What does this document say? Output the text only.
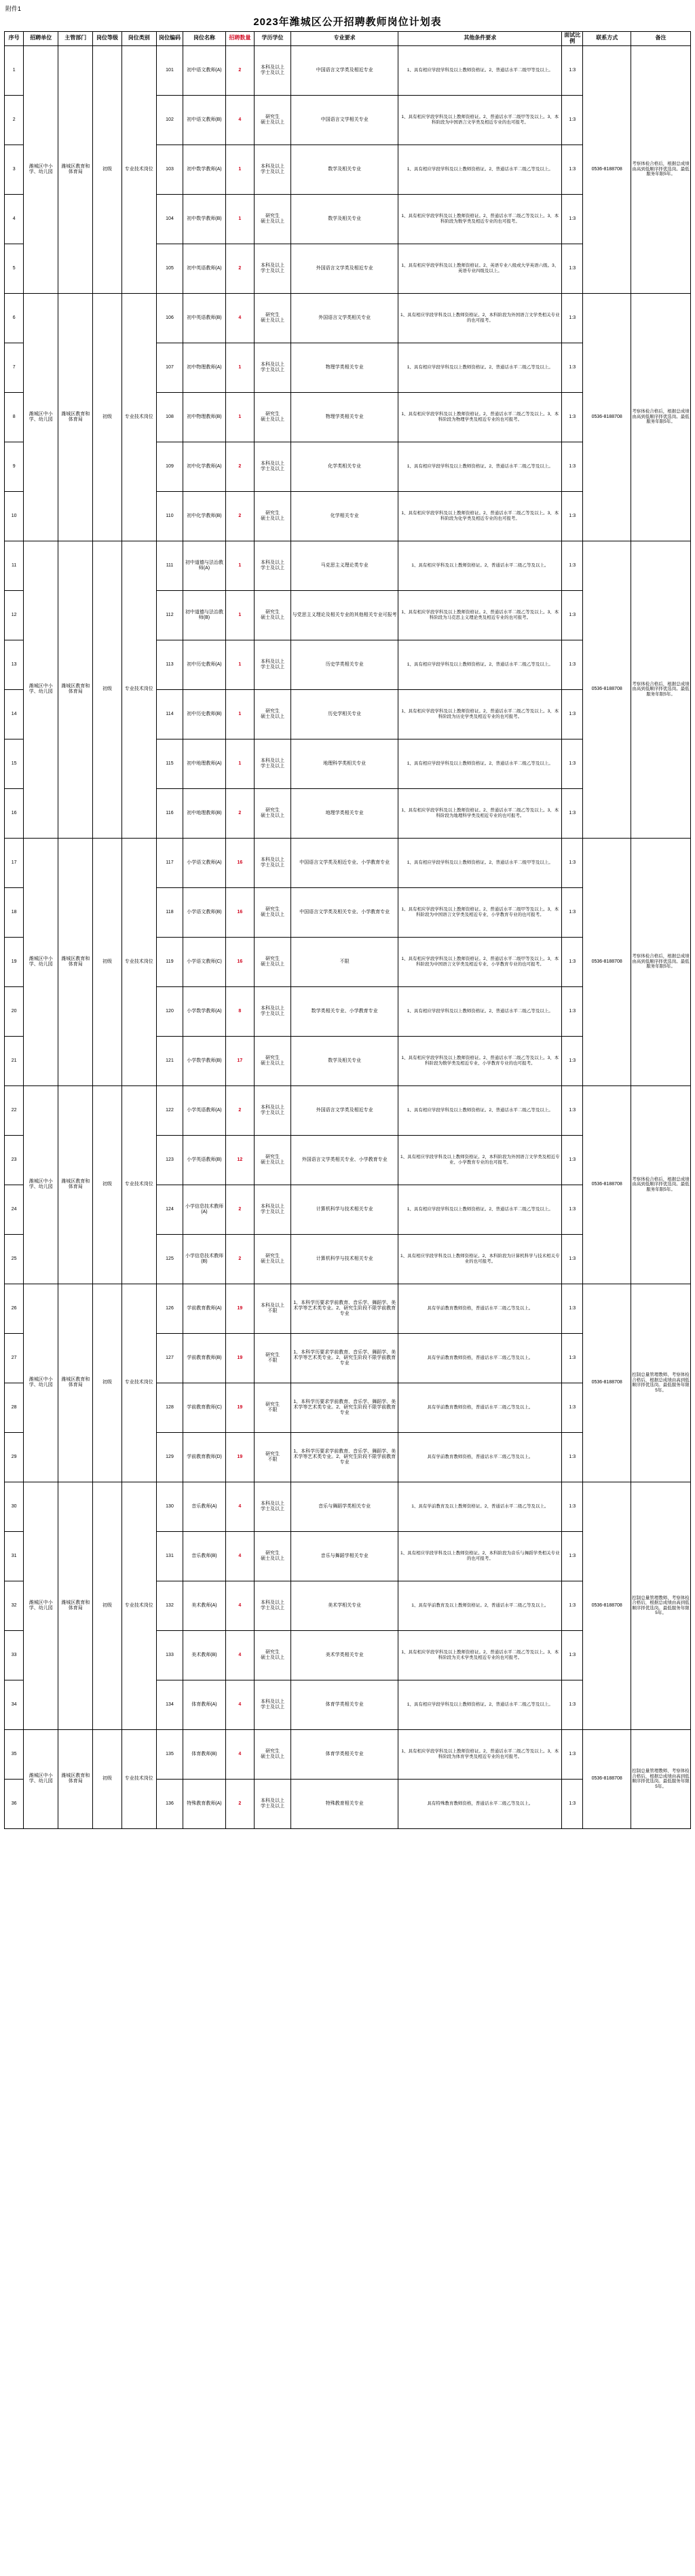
附件1
2023年潍城区公开招聘教师岗位计划表
序号	招聘单位	主管部门	岗位等级	岗位类别	岗位编码	岗位名称	招聘数量	学历学位	专业要求	其他条件要求	面试比例	联系方式	备注
1	潍城区中小学、幼儿园	潍城区教育和体育局	初级	专业技术岗位	101	初中语文教师(A)	2	本科及以上
学士及以上	中国语言文学类及相近专业	1、具有相应学段学科及以上教师资格证。2、普通话水平二级甲等及以上。	1:3	0536-8188708	考察体检合格后，根据总成绩由高到低顺序择优选岗。最低服务年限5年。
2					102	初中语文教师(B)	4	研究生
硕士及以上	中国语言文学相关专业	1、具有相应学段学科及以上教师资格证。2、普通话水平二级甲等及以上。3、本科阶段为中国语言文学类及相近专业的也可报考。	1:3		
3					103	初中数学教师(A)	1	本科及以上
学士及以上	数学及相关专业	1、具有相应学段学科及以上教师资格证。2、普通话水平二级乙等及以上。	1:3		
4					104	初中数学教师(B)	1	研究生
硕士及以上	数学及相关专业	1、具有相应学段学科及以上教师资格证。2、普通话水平二级乙等及以上。3、本科阶段为数学类及相近专业的也可报考。	1:3		
5					105	初中英语教师(A)	2	本科及以上
学士及以上	外国语言文学类及相近专业	1、具有相应学段学科及以上教师资格证。2、英语专业八级或大学英语六级。3、英语专业四级及以上。	1:3		
6	潍城区中小学、幼儿园	潍城区教育和体育局	初级	专业技术岗位	106	初中英语教师(B)	4	研究生
硕士及以上	外国语言文学类相关专业	1、具有相应学段学科及以上教师资格证。2、本科阶段为外国语言文学类相关专业的也可报考。	1:3	0536-8188708	考察体检合格后，根据总成绩由高到低顺序择优选岗。最低服务年限5年。
7					107	初中物理教师(A)	1	本科及以上
学士及以上	物理学类相关专业	1、具有相应学段学科及以上教师资格证。2、普通话水平二级乙等及以上。	1:3		
8					108	初中物理教师(B)	1	研究生
硕士及以上	物理学类相关专业	1、具有相应学段学科及以上教师资格证。2、普通话水平二级乙等及以上。3、本科阶段为物理学类及相近专业的也可报考。	1:3		
9					109	初中化学教师(A)	2	本科及以上
学士及以上	化学类相关专业	1、具有相应学段学科及以上教师资格证。2、普通话水平二级乙等及以上。	1:3		
10					110	初中化学教师(B)	2	研究生
硕士及以上	化学相关专业	1、具有相应学段学科及以上教师资格证。2、普通话水平二级乙等及以上。3、本科阶段为化学类及相近专业的也可报考。	1:3		
11	潍城区中小学、幼儿园	潍城区教育和体育局	初级	专业技术岗位	111	初中道德与法治教师(A)	1	本科及以上
学士及以上	马克思主义理论类专业	1、具有相应学科及以上教师资格证。2、普通话水平二级乙等及以上。	1:3	0536-8188708	考察体检合格后，根据总成绩由高到低顺序择优选岗。最低服务年限5年。
12					112	初中道德与法治教师(B)	1	研究生
硕士及以上	与党思主义理论及相关专业的其他相关专业可报考	1、具有相应学段学科及以上教师资格证。2、普通话水平二级乙等及以上。3、本科阶段为马克思主义理论类及相近专业的也可报考。	1:3		
13					113	初中历史教师(A)	1	本科及以上
学士及以上	历史学类相关专业	1、具有相应学段学科及以上教师资格证。2、普通话水平二级乙等及以上。	1:3		
14					114	初中历史教师(B)	1	研究生
硕士及以上	历史学相关专业	1、具有相应学段学科及以上教师资格证。2、普通话水平二级乙等及以上。3、本科阶段为历史学类及相近专业的也可报考。	1:3		
15					115	初中地理教师(A)	1	本科及以上
学士及以上	地理科学类相关专业	1、具有相应学段学科及以上教师资格证。2、普通话水平二级乙等及以上。	1:3		
16					116	初中地理教师(B)	2	研究生
硕士及以上	地理学类相关专业	1、具有相应学段学科及以上教师资格证。2、普通话水平二级乙等及以上。3、本科阶段为地理科学类及相近专业的也可报考。	1:3		
17	潍城区中小学、幼儿园	潍城区教育和体育局	初级	专业技术岗位	117	小学语文教师(A)	16	本科及以上
学士及以上	中国语言文学类及相近专业、小学教育专业	1、具有相应学段学科及以上教师资格证。2、普通话水平二级甲等及以上。	1:3	0536-8188708	考察体检合格后，根据总成绩由高到低顺序择优选岗。最低服务年限5年。
18					118	小学语文教师(B)	16	研究生
硕士及以上	中国语言文学类及相关专业、小学教育专业	1、具有相应学段学科及以上教师资格证。2、普通话水平二级甲等及以上。3、本科阶段为中国语言文学类及相近专业、小学教育专业的也可报考。	1:3		
19					119	小学语文教师(C)	16	研究生
硕士及以上	不限	1、具有相应学段学科及以上教师资格证。2、普通话水平二级甲等及以上。3、本科阶段为中国语言文学类及相近专业、小学教育专业的也可报考。	1:3		
20					120	小学数学教师(A)	8	本科及以上
学士及以上	数学类相关专业、小学教育专业	1、具有相应学段学科及以上教师资格证。2、普通话水平二级乙等及以上。	1:3		
21					121	小学数学教师(B)	17	研究生
硕士及以上	数学及相关专业	1、具有相应学段学科及以上教师资格证。2、普通话水平二级乙等及以上。3、本科阶段为数学类及相近专业、小学教育专业的也可报考。	1:3		
22	潍城区中小学、幼儿园	潍城区教育和体育局	初级	专业技术岗位	122	小学英语教师(A)	2	本科及以上
学士及以上	外国语言文学类及相近专业	1、具有相应学段学科及以上教师资格证。2、普通话水平二级乙等及以上。	1:3	0536-8188708	考察体检合格后，根据总成绩由高到低顺序择优选岗。最低服务年限5年。
23					123	小学英语教师(B)	12	研究生
硕士及以上	外国语言文学类相关专业、小学教育专业	1、具有相应学段学科及以上教师资格证。2、本科阶段为外国语言文学类及相近专业、小学教育专业的也可报考。	1:3		
24					124	小学信息技术教师(A)	2	本科及以上
学士及以上	计算机科学与技术相关专业	1、具有相应学段学科及以上教师资格证。2、普通话水平二级乙等及以上。	1:3		
25					125	小学信息技术教师(B)	2	研究生
硕士及以上	计算机科学与技术相关专业	1、具有相应学段学科及以上教师资格证。2、本科阶段为计算机科学与技术相关专业的也可报考。	1:3		
26	潍城区中小学、幼儿园	潍城区教育和体育局	初级	专业技术岗位	126	学前教育教师(A)	19	本科及以上
不限	1、本科学历要求学前教育、音乐学、舞蹈学、美术学等艺术类专业。2、研究生阶段不限学前教育专业	具有学前教育教师资格，普通话水平二级乙等及以上。	1:3	0536-8188708	控制总量管理教师、考察体检合格后，根据总成绩由高到低顺序择优选岗。最低服务年限5年。
27					127	学前教育教师(B)	19	研究生
不限	1、本科学历要求学前教育、音乐学、舞蹈学、美术学等艺术类专业。2、研究生阶段不限学前教育专业	具有学前教育教师资格，普通话水平二级乙等及以上。	1:3		
28					128	学前教育教师(C)	19	研究生
不限	1、本科学历要求学前教育、音乐学、舞蹈学、美术学等艺术类专业。2、研究生阶段不限学前教育专业	具有学前教育教师资格，普通话水平二级乙等及以上。	1:3		
29					129	学前教育教师(D)	19	研究生
不限	1、本科学历要求学前教育、音乐学、舞蹈学、美术学等艺术类专业。2、研究生阶段不限学前教育专业	具有学前教育教师资格，普通话水平二级乙等及以上。	1:3		
30	潍城区中小学、幼儿园	潍城区教育和体育局	初级	专业技术岗位	130	音乐教师(A)	4	本科及以上
学士及以上	音乐与舞蹈学类相关专业	1、具有学前教育及以上教师资格证。2、普通话水平二级乙等及以上。	1:3	0536-8188708	控制总量管理教师、考察体检合格后，根据总成绩由高到低顺序择优选岗。最低服务年限5年。
31					131	音乐教师(B)	4	研究生
硕士及以上	音乐与舞蹈学相关专业	1、具有相应学段学科及以上教师资格证。2、本科阶段为音乐与舞蹈学类相关专业的也可报考。	1:3		
32					132	美术教师(A)	4	本科及以上
学士及以上	美术学相关专业	1、具有学前教育及以上教师资格证。2、普通话水平二级乙等及以上。	1:3		
33					133	美术教师(B)	4	研究生
硕士及以上	美术学类相关专业	1、具有相应学段学科及以上教师资格证。2、普通话水平二级乙等及以上。3、本科阶段为美术学类及相近专业的也可报考。	1:3		
34					134	体育教师(A)	4	本科及以上
学士及以上	体育学类相关专业	1、具有相应学段学科及以上教师资格证。2、普通话水平二级乙等及以上。	1:3		
35	潍城区中小学、幼儿园	潍城区教育和体育局	初级	专业技术岗位	135	体育教师(B)	4	研究生
硕士及以上	体育学类相关专业	1、具有相应学段学科及以上教师资格证。2、普通话水平二级乙等及以上。3、本科阶段为体育学类及相近专业的也可报考。	1:3	0536-8188708	控制总量管理教师、考察体检合格后，根据总成绩由高到低顺序择优选岗。最低服务年限5年。
36					136	特殊教育教师(A)	2	本科及以上
学士及以上	特殊教育相关专业	具有特殊教育教师资格，普通话水平二级乙等及以上。	1:3		
